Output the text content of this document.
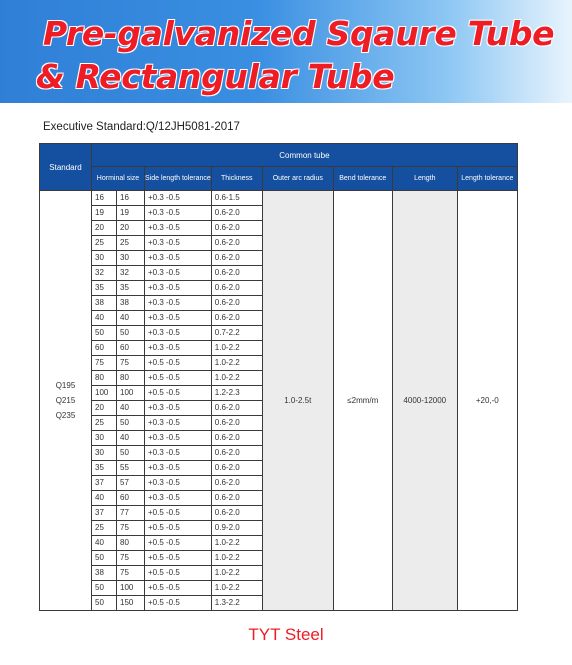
Pre-galvanized Sqaure Tube
& Rectangular Tube
Executive Standard:Q/12JH5081-2017
Standard	Common tube							
	Horminal size		Side length tolerance	Thickness	Outer arc radius	Bend tolerance	Length	Length tolerance

Q195
Q215
Q235	16	16	+0.3 -0.5	0.6-1.5	1.0-2.5t	≤2mm/m	4000-12000	+20,-0
	19	19	+0.3 -0.5	0.6-2.0				
	20	20	+0.3 -0.5	0.6-2.0				
	25	25	+0.3 -0.5	0.6-2.0				
	30	30	+0.3 -0.5	0.6-2.0				
	32	32	+0.3 -0.5	0.6-2.0				
	35	35	+0.3 -0.5	0.6-2.0				
	38	38	+0.3 -0.5	0.6-2.0				
	40	40	+0.3 -0.5	0.6-2.0				
	50	50	+0.3 -0.5	0.7-2.2				
	60	60	+0.3 -0.5	1.0-2.2				
	75	75	+0.5 -0.5	1.0-2.2				
	80	80	+0.5 -0.5	1.0-2.2				
	100	100	+0.5 -0.5	1.2-2.3				
	20	40	+0.3 -0.5	0.6-2.0				
	25	50	+0.3 -0.5	0.6-2.0				
	30	40	+0.3 -0.5	0.6-2.0				
	30	50	+0.3 -0.5	0.6-2.0				
	35	55	+0.3 -0.5	0.6-2.0				
	37	57	+0.3 -0.5	0.6-2.0				
	40	60	+0.3 -0.5	0.6-2.0				
	37	77	+0.5 -0.5	0.6-2.0				
	25	75	+0.5 -0.5	0.9-2.0				
	40	80	+0.5 -0.5	1.0-2.2				
	50	75	+0.5 -0.5	1.0-2.2				
	38	75	+0.5 -0.5	1.0-2.2				
	50	100	+0.5 -0.5	1.0-2.2				
	50	150	+0.5 -0.5	1.3-2.2				
TYT Steel
